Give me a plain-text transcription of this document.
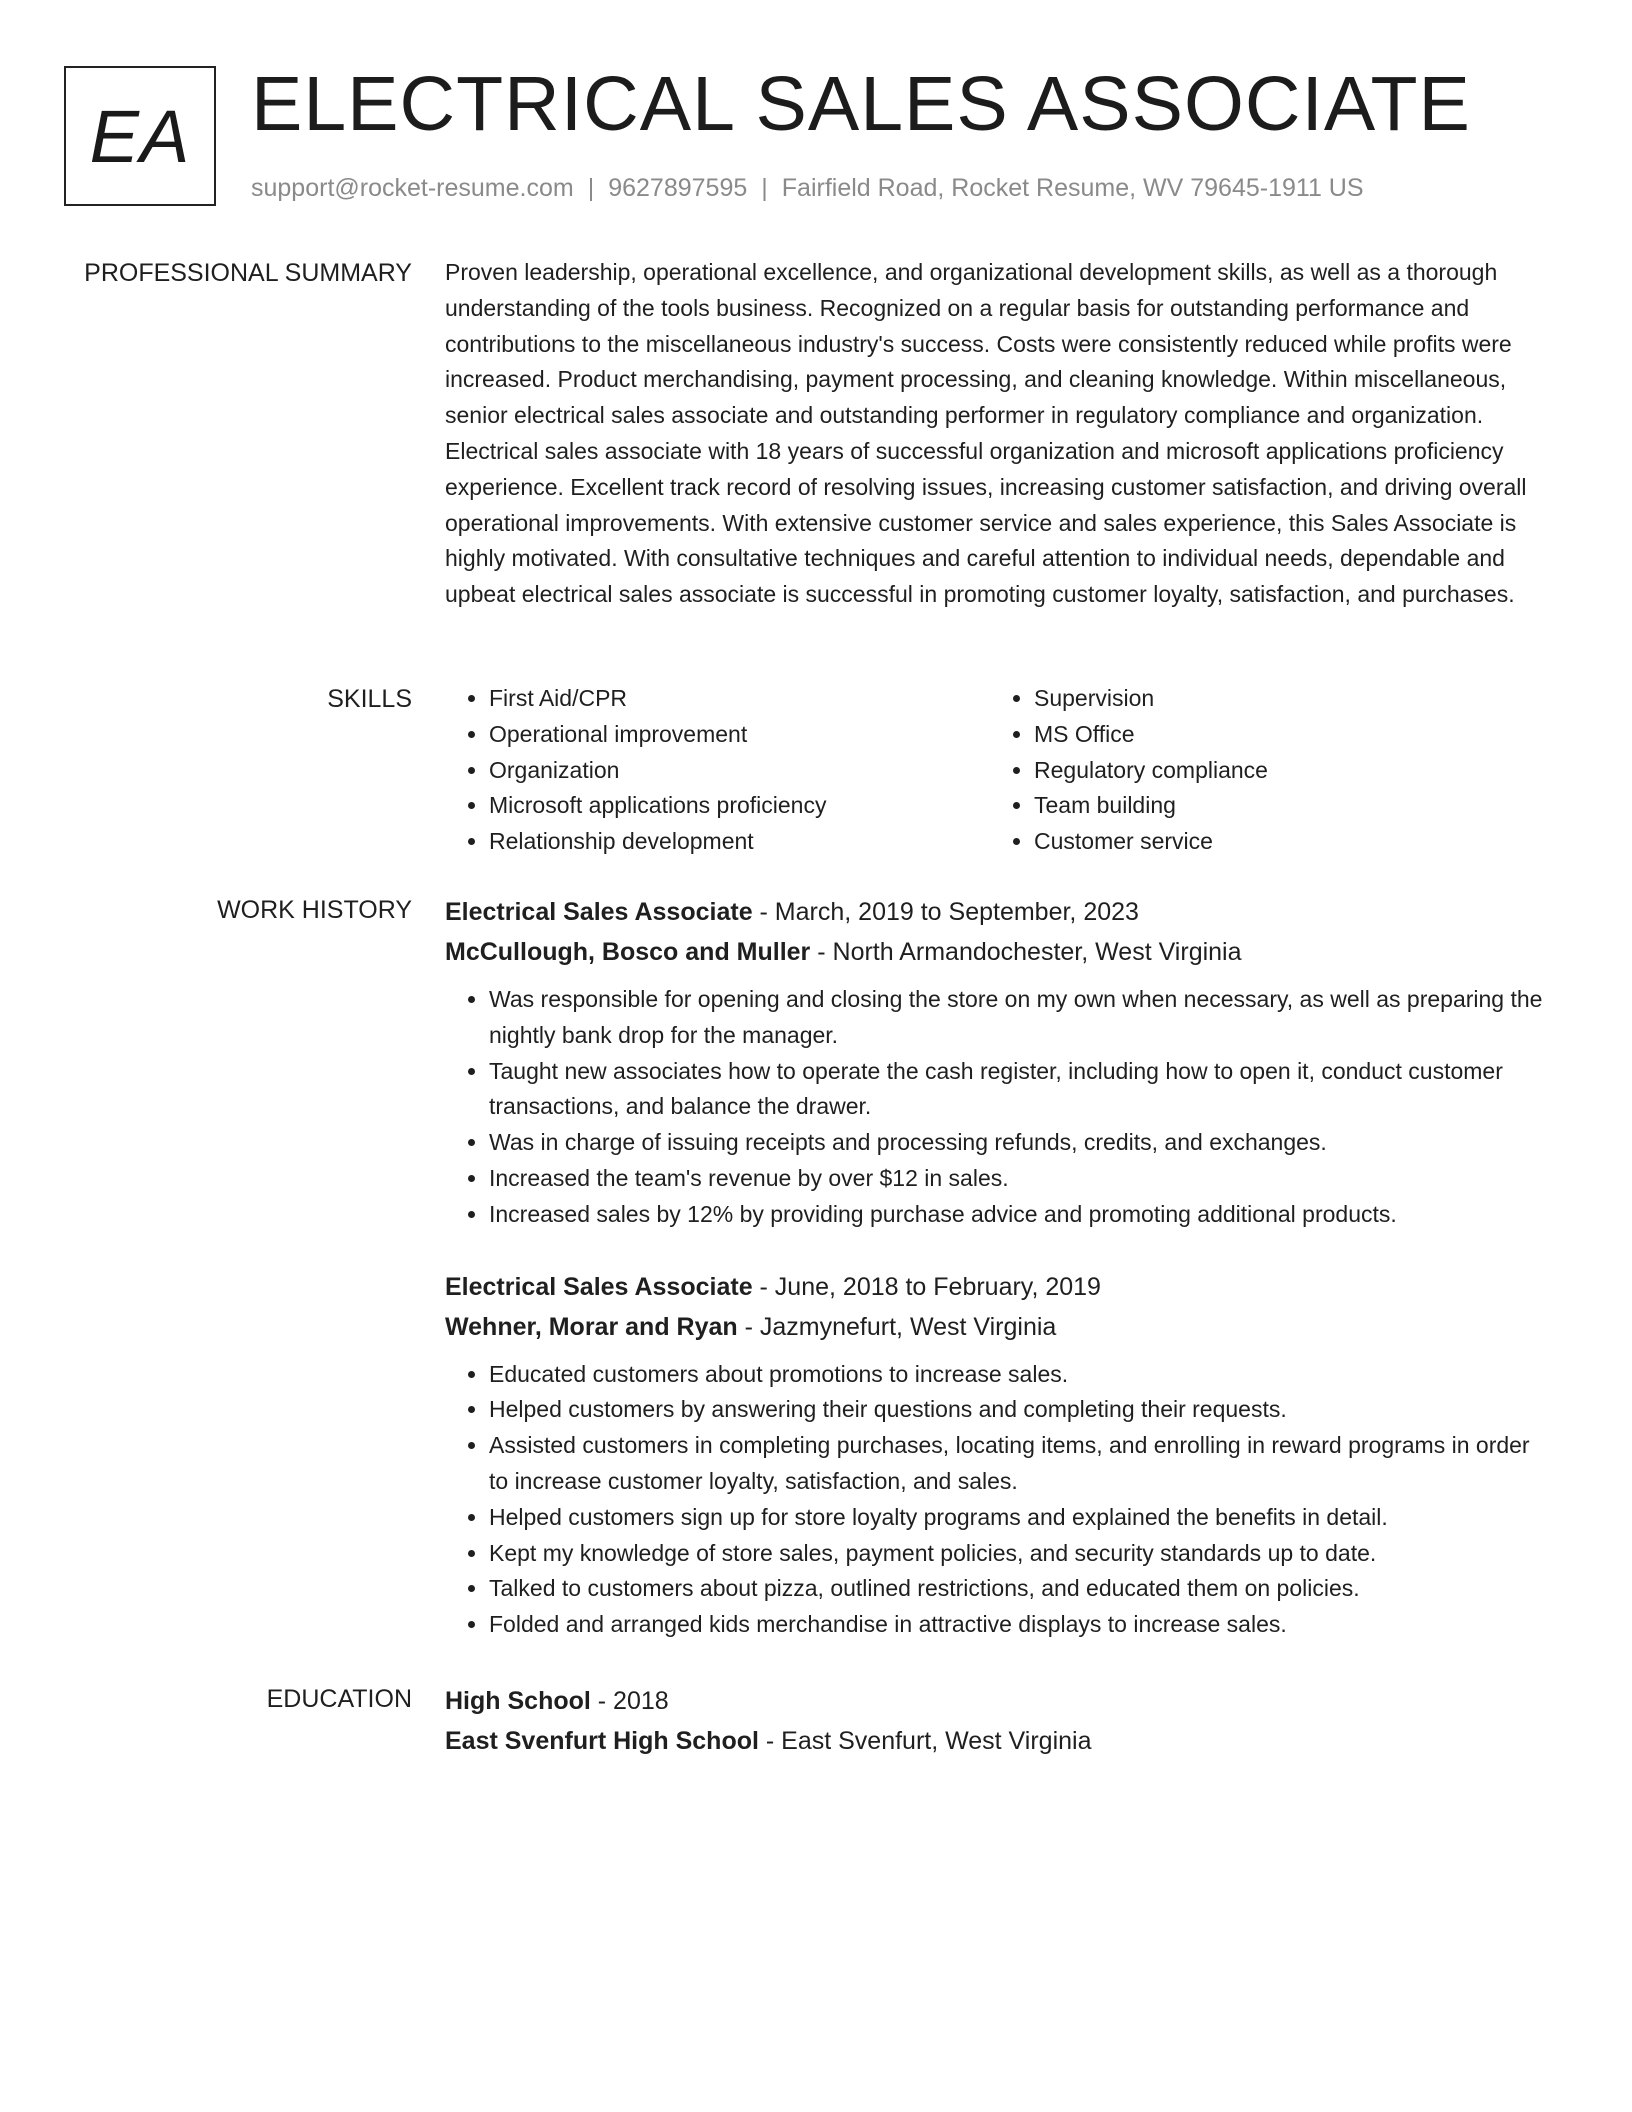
EA ELECTRICAL SALES ASSOCIATE
support@rocket-resume.com | 9627897595 | Fairfield Road, Rocket Resume, WV 79645-1911 US
PROFESSIONAL SUMMARY Proven leadership, operational excellence, and organizational development skills, as well as a thorough understanding of the tools business. Recognized on a regular basis for outstanding performance and contributions to the miscellaneous industry's success. Costs were consistently reduced while profits were increased. Product merchandising, payment processing, and cleaning knowledge. Within miscellaneous, senior electrical sales associate and outstanding performer in regulatory compliance and organization. Electrical sales associate with 18 years of successful organization and microsoft applications proficiency experience. Excellent track record of resolving issues, increasing customer satisfaction, and driving overall operational improvements. With extensive customer service and sales experience, this Sales Associate is highly motivated. With consultative techniques and careful attention to individual needs, dependable and upbeat electrical sales associate is successful in promoting customer loyalty, satisfaction, and purchases.

SKILLS
•	First Aid/CPR
• Operational improvement
• Organization
• Microsoft applications proficiency
• Relationship development
• Supervision
• MS Office
• Regulatory compliance
• Team building
• Customer service
WORK HISTORY Electrical Sales Associate - March, 2019 to September, 2023
McCullough, Bosco and Muller - North Armandochester, West Virginia
• Was responsible for opening and closing the store on my own when necessary, as well as preparing the nightly bank drop for the manager.
• Taught new associates how to operate the cash register, including how to open it, conduct customer transactions, and balance the drawer.
• Was in charge of issuing receipts and processing refunds, credits, and exchanges.
• Increased the team's revenue by over $12 in sales.
• Increased sales by 12% by providing purchase advice and promoting additional products.
Electrical Sales Associate - June, 2018 to February, 2019
Wehner, Morar and Ryan - Jazmynefurt, West Virginia
• Educated customers about promotions to increase sales.
• Helped customers by answering their questions and completing their requests.
• Assisted customers in completing purchases, locating items, and enrolling in reward programs in order to increase customer loyalty, satisfaction, and sales.
• Helped customers sign up for store loyalty programs and explained the benefits in detail.
• Kept my knowledge of store sales, payment policies, and security standards up to date.
• Talked to customers about pizza, outlined restrictions, and educated them on policies.
• Folded and arranged kids merchandise in attractive displays to increase sales.
EDUCATION High School - 2018
East Svenfurt High School - East Svenfurt, West Virginia
